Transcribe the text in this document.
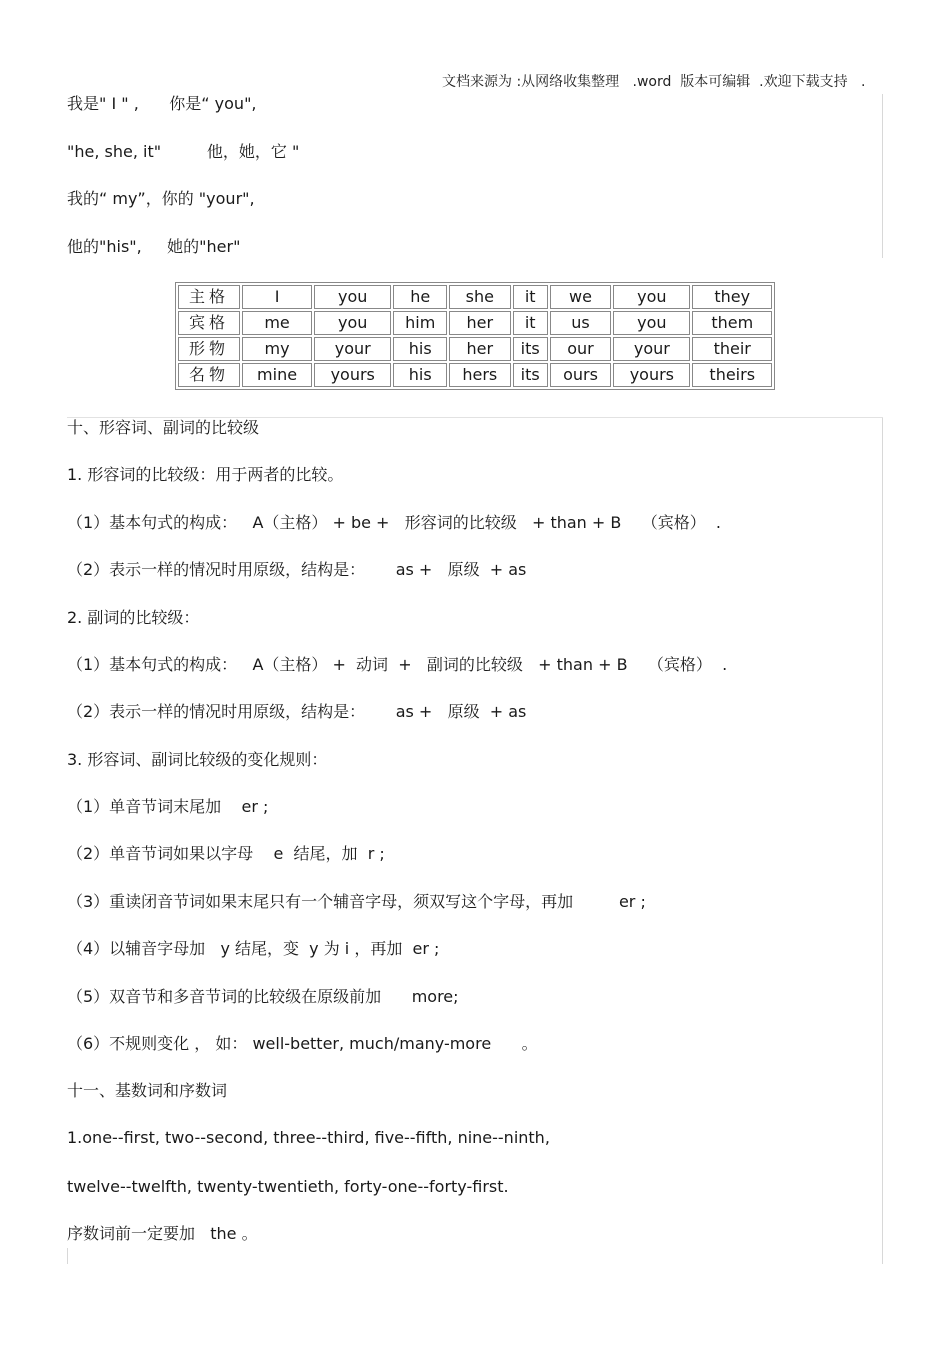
文档来源为 :从网络收集整理   .word  版本可编辑  .欢迎下载支持   .
我是" I " ,      你是“ you",
"he, she, it"         他，她，它 "
我的“ my”，你的 "your",
他的"his",     她的"her"
主格	I	you	he	she	it	we	you	they
宾格	me	you	him	her	it	us	you	them
形物	my	your	his	her	its	our	your	their
名物	mine	yours	his	hers	its	ours	yours	theirs
十、形容词、副词的比较级
1. 形容词的比较级：用于两者的比较。
（1）基本句式的构成：   A（主格） + be +   形容词的比较级   + than + B    （宾格）  .
（2）表示一样的情况时用原级，结构是：      as +   原级  + as
2. 副词的比较级：
（1）基本句式的构成：   A（主格） +  动词  +   副词的比较级   + than + B    （宾格）  .
（2）表示一样的情况时用原级，结构是：      as +   原级  + as
3. 形容词、副词比较级的变化规则：
（1）单音节词末尾加    er ;
（2）单音节词如果以字母    e  结尾，加  r ;
（3）重读闭音节词如果末尾只有一个辅音字母，须双写这个字母，再加         er ;
（4）以辅音字母加   y 结尾，变  y 为 i ，再加  er ;
（5）双音节和多音节词的比较级在原级前加      more;
（6）不规则变化 ， 如： well-better, much/many-more      。
十一、基数词和序数词
1.one--first, two--second, three--third, five--fifth, nine--ninth,
twelve--twelfth, twenty-twentieth, forty-one--forty-first.
序数词前一定要加   the 。
